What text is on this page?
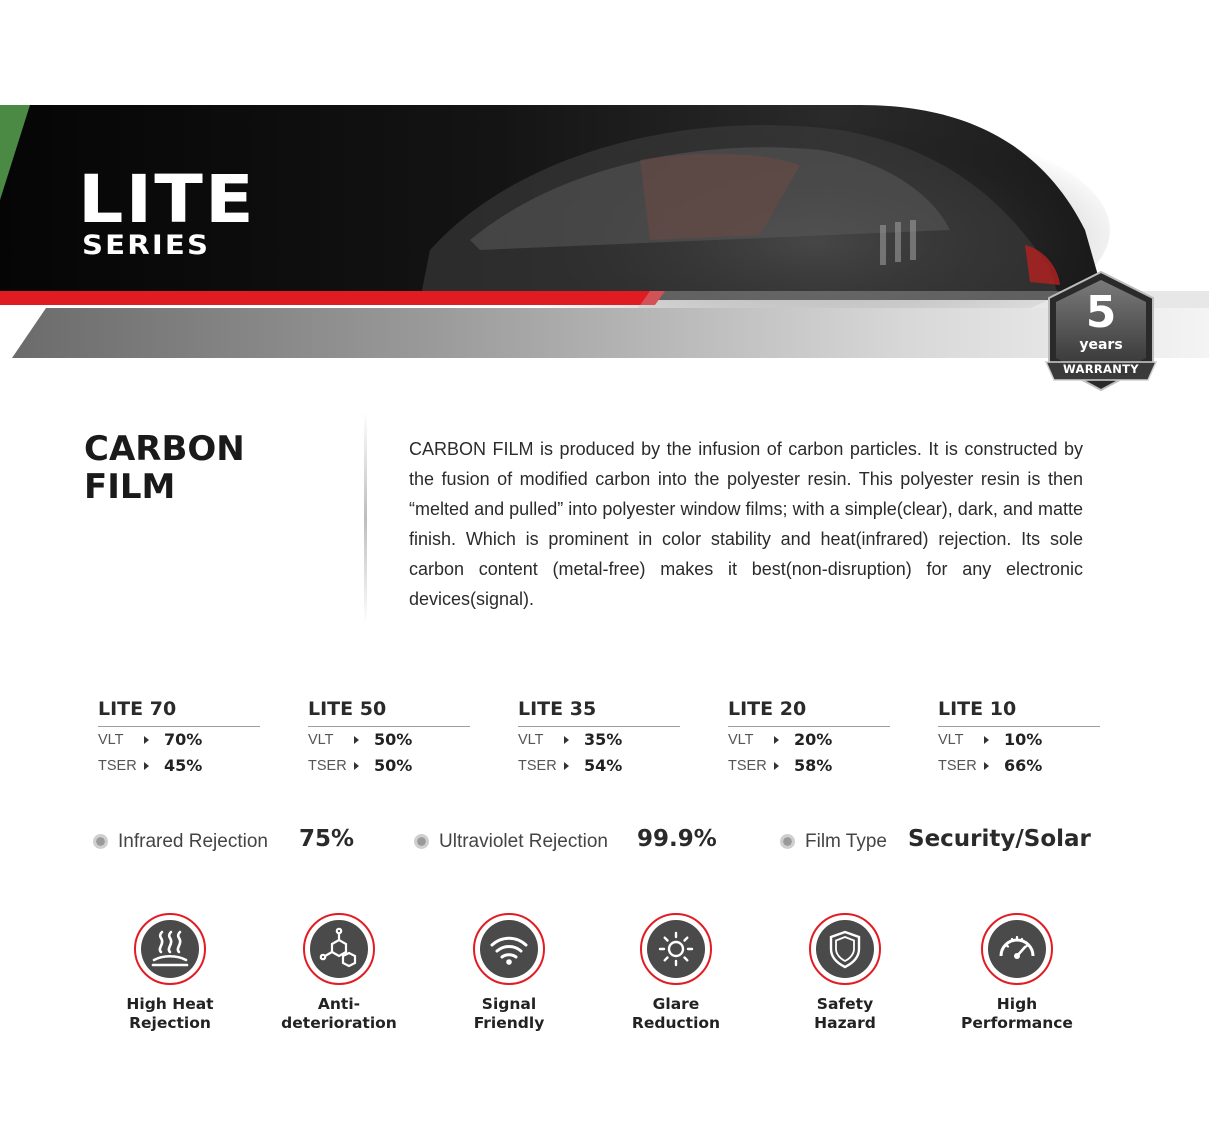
LITE
SERIES
5
years
WARRANTY
CARBON
FILM

CARBON FILM is produced by the infusion of carbon particles. It is constructed by the fusion of modified carbon into the polyester resin. This polyester resin is then “melted and pulled” into polyester window films; with a simple(clear), dark, and matte finish. Which is prominent in color stability and heat(infrared) rejection. Its sole carbon content (metal-free) makes it best(non-disruption) for any electronic devices(signal).

LITE 70
VLT	70%
TSER 45%
LITE 50
VLT	50%
TSER 50%
LITE 35
VLT	35%
TSER 54%
LITE 20
VLT	20%
TSER 58%
LITE 10
VLT	10%
TSER 66%
Infrared Rejection 75%	Ultraviolet Rejection 99.9%	Film Type Security/Solar
High Heat
Rejection
Anti-
deterioration
Signal
Friendly
Glare
Reduction
Safety
Hazard
High
Performance
